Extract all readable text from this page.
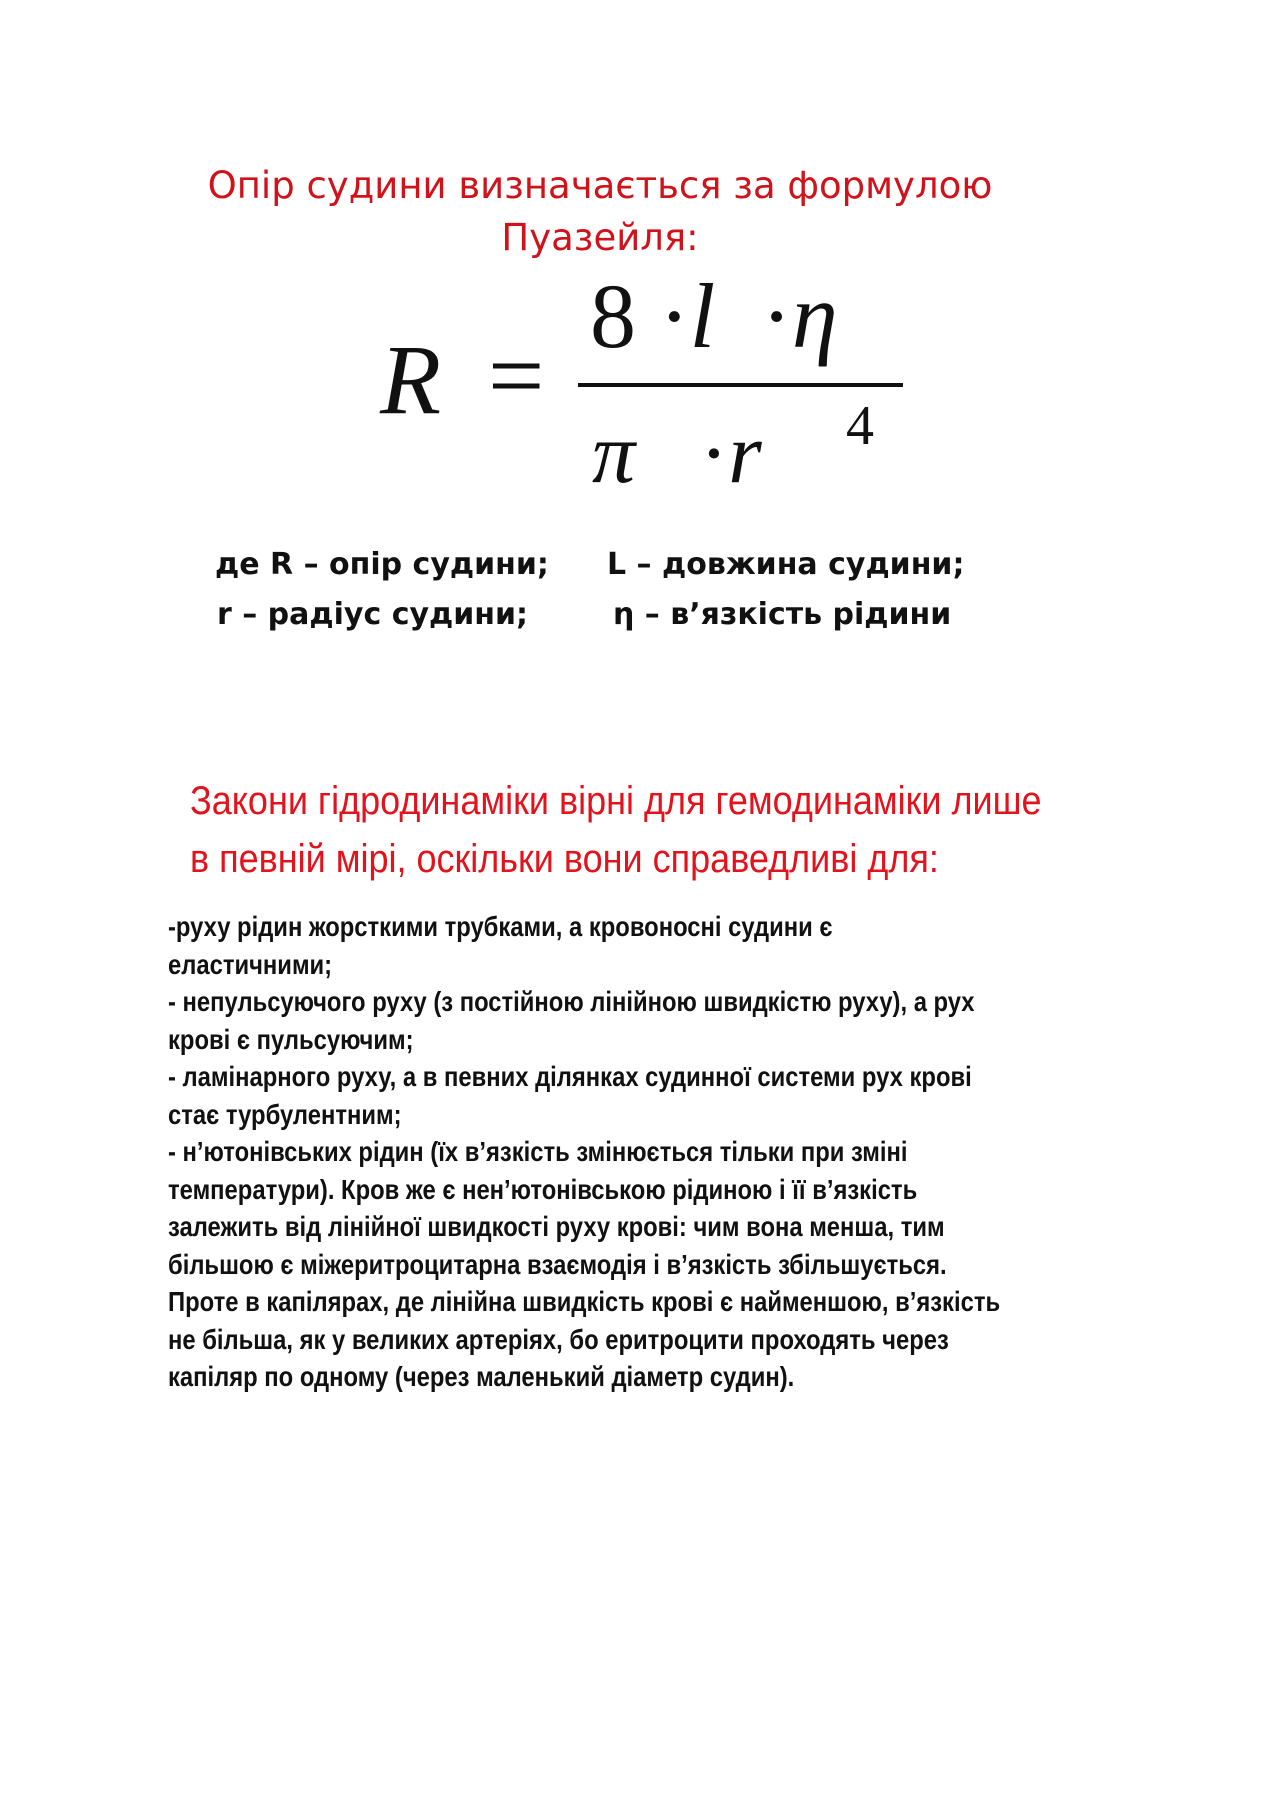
Опір судини визначається за формулою
Пуазейля:
R =
8 ·l ·η
π ·r 4
де R – опір судини; L – довжина судини;
r – радіус судини;	η – в’язкість рідини
Закони гідродинаміки вірні для гемодинаміки лише
в певній мірі, оскільки вони справедливі для:
-руху рідин жорсткими трубками, а кровоносні судини є
еластичними;
- непульсуючого руху (з постійною лінійною швидкістю руху), а рух
крові є пульсуючим;
- ламінарного руху, а в певних ділянках судинної системи рух крові
стає турбулентним;
- н’ютонівських рідин (їх в’язкість змінюється тільки при зміні
температури). Кров же є нен’ютонівською рідиною і її в’язкість
залежить від лінійної швидкості руху крові: чим вона менша, тим
більшою є міжеритроцитарна взаємодія і в’язкість збільшується.
Проте в капілярах, де лінійна швидкість крові є найменшою, в’язкість
не більша, як у великих артеріях, бо еритроцити проходять через
капіляр по одному (через маленький діаметр судин).
